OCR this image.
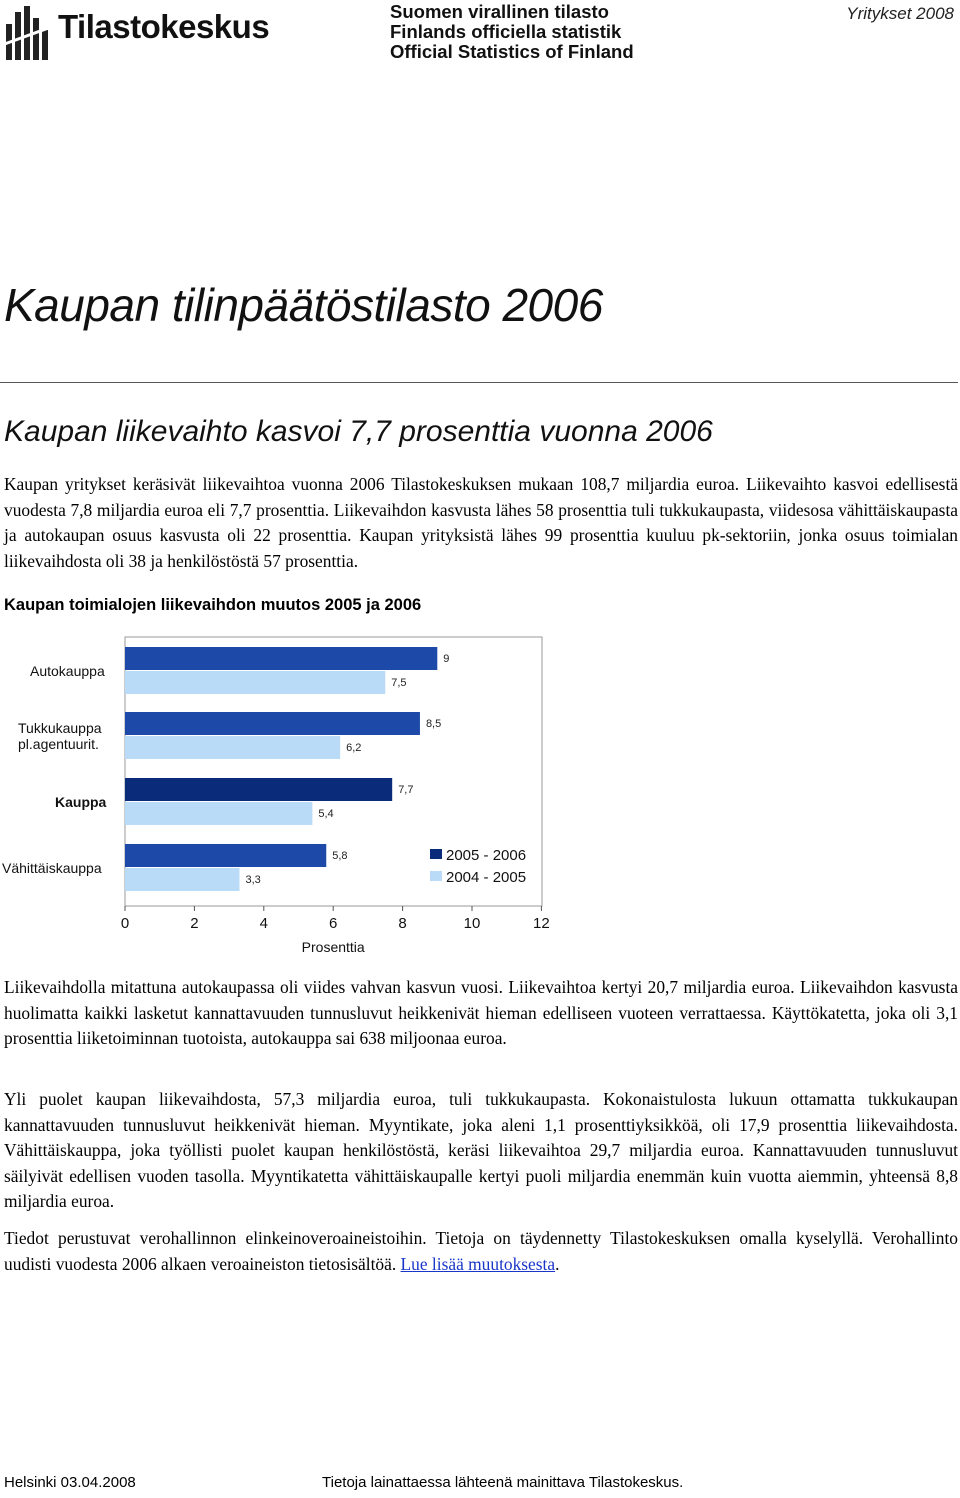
Tilastokeskus	Suomen virallinen tilasto
Finlands officiella statistik
Official Statistics of Finland
Yritykset 2008
Kaupan tilinpäätöstilasto 2006
Kaupan liikevaihto kasvoi 7,7 prosenttia vuonna 2006
Kaupan yritykset keräsivät liikevaihtoa vuonna 2006 Tilastokeskuksen mukaan 108,7 miljardia euroa. Liikevaihto kasvoi edellisestä vuodesta 7,8 miljardia euroa eli 7,7 prosenttia. Liikevaihdon kasvusta lähes 58 prosenttia tuli tukkukaupasta, viidesosa vähittäiskaupasta ja autokaupan osuus kasvusta oli 22 prosenttia. Kaupan yrityksistä lähes 99 prosenttia kuuluu pk-sektoriin, jonka osuus toimialan liikevaihdosta oli 38 ja henkilöstöstä 57 prosenttia.
Kaupan toimialojen liikevaihdon muutos 2005 ja 2006
9
7,5
Autokauppa
8,5
6,2
Tukkukauppa
pl.agentuurit.
7,7
5,4
Kauppa
5,8
3,3
Vähittäiskauppa
0	2	4	6	8	10	12
Prosenttia
2005 - 2006
2004 - 2005
Liikevaihdolla mitattuna autokaupassa oli viides vahvan kasvun vuosi. Liikevaihtoa kertyi 20,7 miljardia euroa. Liikevaihdon kasvusta huolimatta kaikki lasketut kannattavuuden tunnusluvut heikkenivät hieman edelliseen vuoteen verrattaessa. Käyttökatetta, joka oli 3,1 prosenttia liiketoiminnan tuotoista, autokauppa sai 638 miljoonaa euroa.
Yli puolet kaupan liikevaihdosta, 57,3 miljardia euroa, tuli tukkukaupasta. Kokonaistulosta lukuun ottamatta tukkukaupan kannattavuuden tunnusluvut heikkenivät hieman. Myyntikate, joka aleni 1,1 prosenttiyksikköä, oli 17,9 prosenttia liikevaihdosta. Vähittäiskauppa, joka työllisti puolet kaupan henkilöstöstä, keräsi liikevaihtoa 29,7 miljardia euroa. Kannattavuuden tunnusluvut säilyivät edellisen vuoden tasolla. Myyntikatetta vähittäiskaupalle kertyi puoli miljardia enemmän kuin vuotta aiemmin, yhteensä 8,8 miljardia euroa.
Tiedot perustuvat verohallinnon elinkeinoveroaineistoihin. Tietoja on täydennetty Tilastokeskuksen omalla kyselyllä. Verohallinto uudisti vuodesta 2006 alkaen veroaineiston tietosisältöä. Lue lisää muutoksesta.
Helsinki 03.04.2008	Tietoja lainattaessa lähteenä mainittava Tilastokeskus.
